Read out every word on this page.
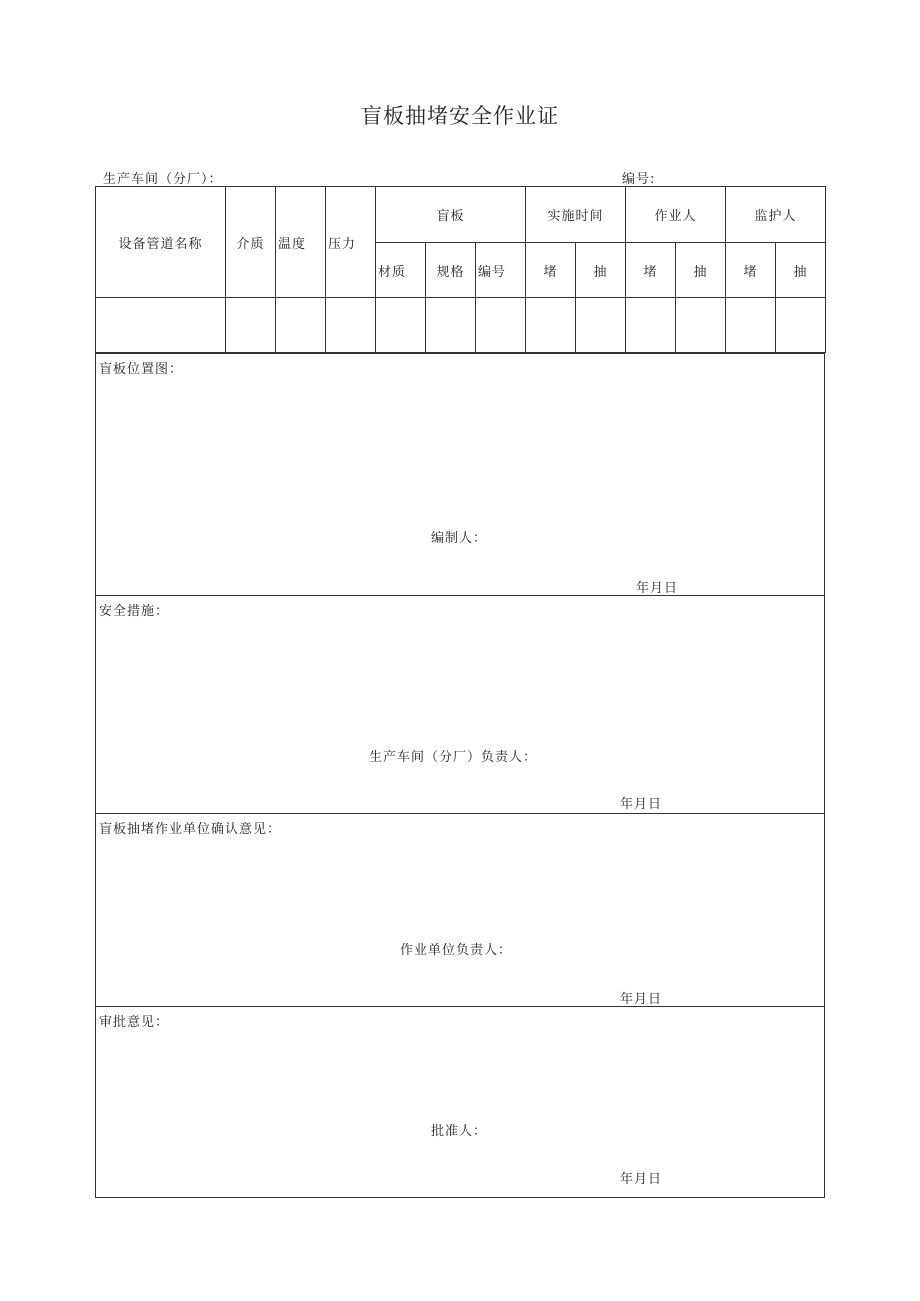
盲板抽堵安全作业证
生产车间（分厂）：	编号:
设备管道名称	介质	温度	压力	盲板			实施时间		作业人		监护人	
				材质	规格	编号	堵	抽	堵	抽	堵	抽

盲板位置图：
编制人：
年月日
安全措施：
生产车间（分厂）负责人：
年月日
盲板抽堵作业单位确认意见：
作业单位负责人：
年月日
审批意见：
批准人：
年月日
